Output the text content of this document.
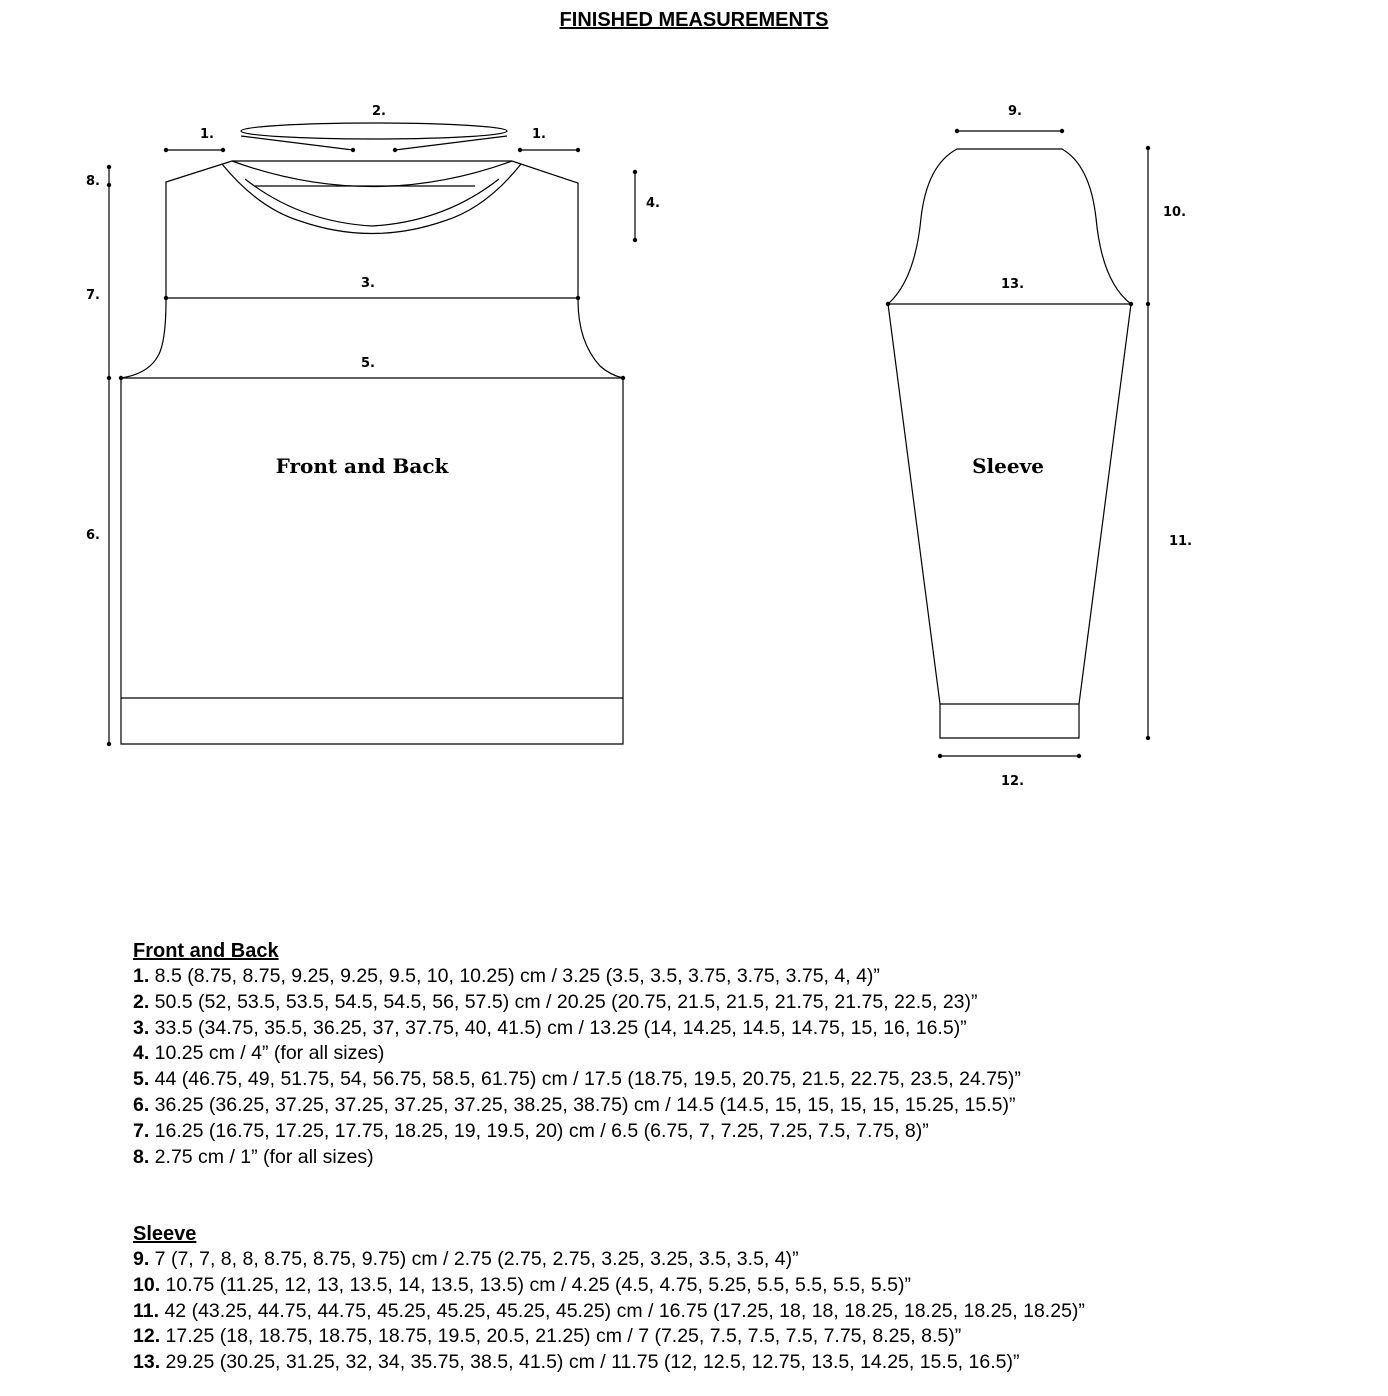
FINISHED MEASUREMENTS
1.	1.
2.
3.
4.
5.
6.
7.
8.
9.
10.
11.
12.
13.
Front and Back	Sleeve
Front and Back
1. 8.5 (8.75, 8.75, 9.25, 9.25, 9.5, 10, 10.25) cm / 3.25 (3.5, 3.5, 3.75, 3.75, 3.75, 4, 4)”
2. 50.5 (52, 53.5, 53.5, 54.5, 54.5, 56, 57.5) cm / 20.25 (20.75, 21.5, 21.5, 21.75, 21.75, 22.5, 23)”
3. 33.5 (34.75, 35.5, 36.25, 37, 37.75, 40, 41.5) cm / 13.25 (14, 14.25, 14.5, 14.75, 15, 16, 16.5)”
4. 10.25 cm / 4” (for all sizes)
5. 44 (46.75, 49, 51.75, 54, 56.75, 58.5, 61.75) cm / 17.5 (18.75, 19.5, 20.75, 21.5, 22.75, 23.5, 24.75)”
6. 36.25 (36.25, 37.25, 37.25, 37.25, 37.25, 38.25, 38.75) cm / 14.5 (14.5, 15, 15, 15, 15, 15.25, 15.5)”
7. 16.25 (16.75, 17.25, 17.75, 18.25, 19, 19.5, 20) cm / 6.5 (6.75, 7, 7.25, 7.25, 7.5, 7.75, 8)”
8. 2.75 cm / 1” (for all sizes)
Sleeve
9. 7 (7, 7, 8, 8, 8.75, 8.75, 9.75) cm / 2.75 (2.75, 2.75, 3.25, 3.25, 3.5, 3.5, 4)”
10. 10.75 (11.25, 12, 13, 13.5, 14, 13.5, 13.5) cm / 4.25 (4.5, 4.75, 5.25, 5.5, 5.5, 5.5, 5.5)”
11. 42 (43.25, 44.75, 44.75, 45.25, 45.25, 45.25, 45.25) cm / 16.75 (17.25, 18, 18, 18.25, 18.25, 18.25, 18.25)”
12. 17.25 (18, 18.75, 18.75, 18.75, 19.5, 20.5, 21.25) cm / 7 (7.25, 7.5, 7.5, 7.5, 7.75, 8.25, 8.5)”
13. 29.25 (30.25, 31.25, 32, 34, 35.75, 38.5, 41.5) cm / 11.75 (12, 12.5, 12.75, 13.5, 14.25, 15.5, 16.5)”
